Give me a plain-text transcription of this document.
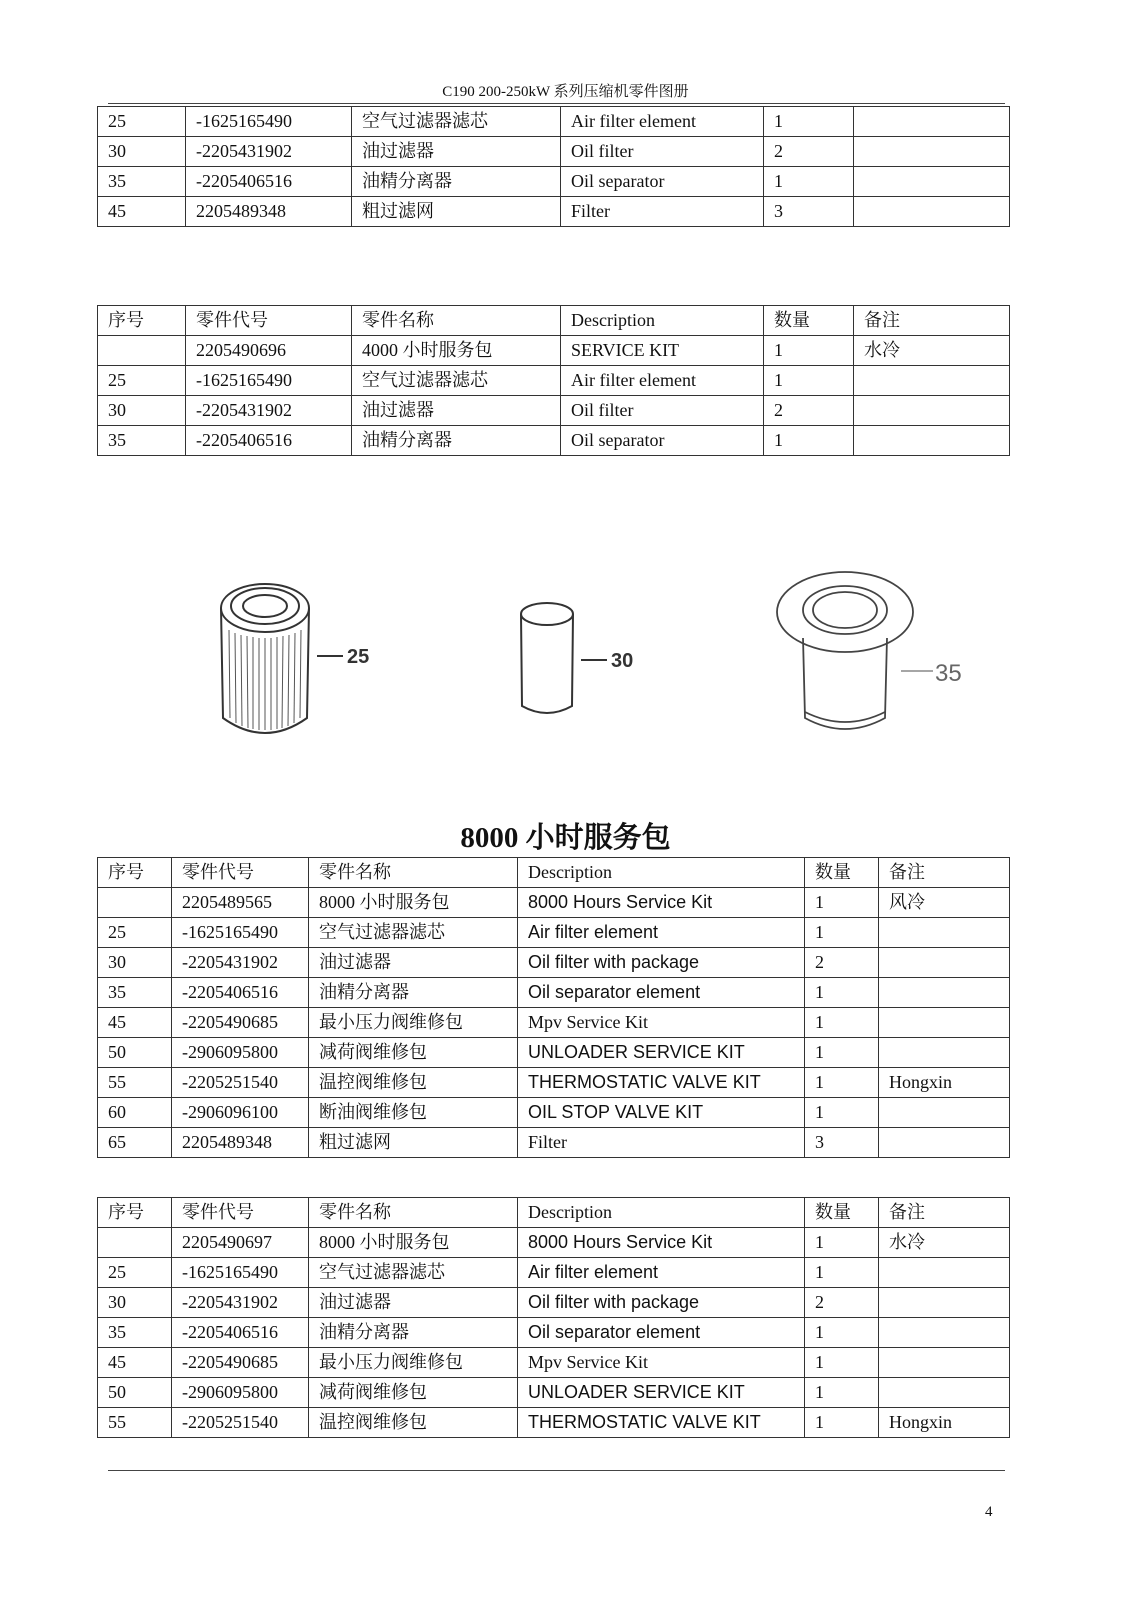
C190 200-250kW 系列压缩机零件图册
25	-1625165490	空气过滤器滤芯	Air filter element	1	
30	-2205431902	油过滤器	Oil filter	2	
35	-2205406516	油精分离器	Oil separator	1	
45	2205489348	粗过滤网	Filter	3	
序号	零件代号	零件名称	Description	数量	备注
	2205490696	4000 小时服务包	SERVICE KIT	1	水冷
25	-1625165490	空气过滤器滤芯	Air filter element	1	
30	-2205431902	油过滤器	Oil filter	2	
35	-2205406516	油精分离器	Oil separator	1	
25	30	35
8000 小时服务包
序号	零件代号	零件名称	Description	数量	备注
	2205489565	8000 小时服务包	8000 Hours Service Kit	1	风冷
25	-1625165490	空气过滤器滤芯	Air filter element	1	
30	-2205431902	油过滤器	Oil filter with package	2	
35	-2205406516	油精分离器	Oil separator element	1	
45	-2205490685	最小压力阀维修包	Mpv Service Kit	1	
50	-2906095800	减荷阀维修包	UNLOADER SERVICE KIT	1	
55	-2205251540	温控阀维修包	THERMOSTATIC VALVE KIT	1	Hongxin
60	-2906096100	断油阀维修包	OIL STOP VALVE KIT	1	
65	2205489348	粗过滤网	Filter	3	
序号	零件代号	零件名称	Description	数量	备注
	2205490697	8000 小时服务包	8000 Hours Service Kit	1	水冷
25	-1625165490	空气过滤器滤芯	Air filter element	1	
30	-2205431902	油过滤器	Oil filter with package	2	
35	-2205406516	油精分离器	Oil separator element	1	
45	-2205490685	最小压力阀维修包	Mpv Service Kit	1	
50	-2906095800	减荷阀维修包	UNLOADER SERVICE KIT	1	
55	-2205251540	温控阀维修包	THERMOSTATIC VALVE KIT	1	Hongxin
4
